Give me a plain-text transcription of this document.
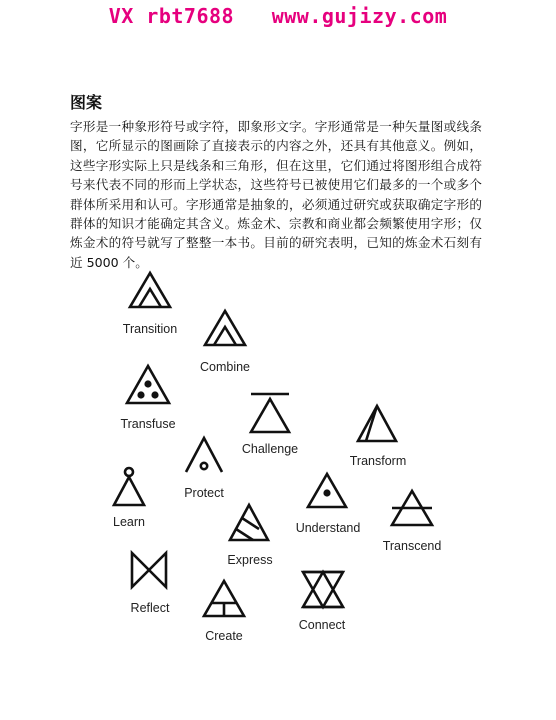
VX rbt7688   www.gujizy.com
图案
字形是一种象形符号或字符，即象形文字。字形通常是一种矢量图或线条图，它所显示的图画除了直接表示的内容之外，还具有其他意义。例如，这些字形实际上只是线条和三角形，但在这里，它们通过将图形组合成符号来代表不同的形而上学状态，这些符号已被使用它们最多的一个或多个群体所采用和认可。字形通常是抽象的，必须通过研究或获取确定字形的群体的知识才能确定其含义。炼金术、宗教和商业都会频繁使用字形；仅炼金术的符号就写了整整一本书。目前的研究表明，已知的炼金术石刻有近 5000 个。
Transition
Combine
Transfuse
Challenge
Transform
Protect
Learn	Understand
Transcend
Express
Reflect
Connect
Create
